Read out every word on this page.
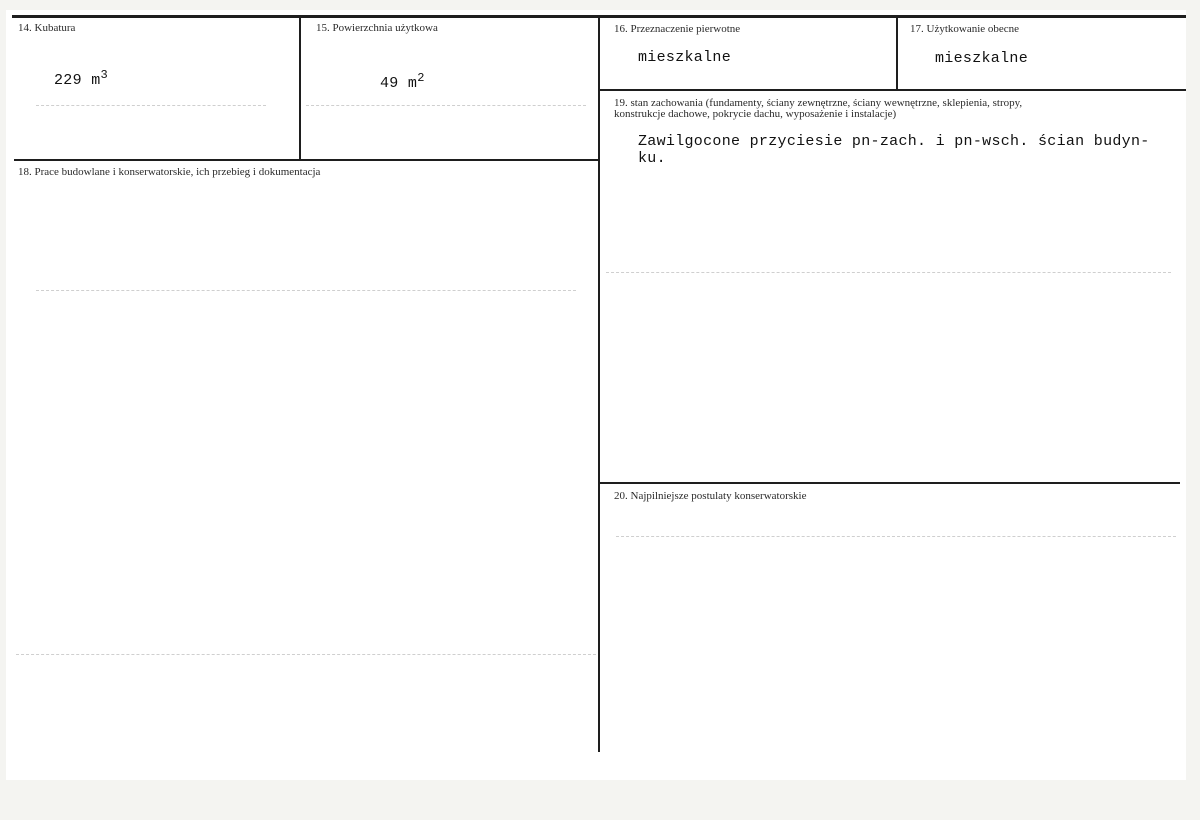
14. Kubatura
229 $m^3$
15. Powierzchnia użytkowa
49 $m^2$
16. Przeznaczenie pierwotne
mieszkalne
17. Użytkowanie obecne
mieszkalne
18. Prace budowlane i konserwatorskie, ich przebieg i dokumentacja
19. stan zachowania (fundamenty, ściany zewnętrzne, ściany wewnętrzne, sklepienia, stropy,
konstrukcje dachowe, pokrycie dachu, wyposażenie i instalacje)
Zawilgocone przyciesie pn-zach. i pn-wsch. ścian budyn-
ku.
20. Najpilniejsze postulaty konserwatorskie
